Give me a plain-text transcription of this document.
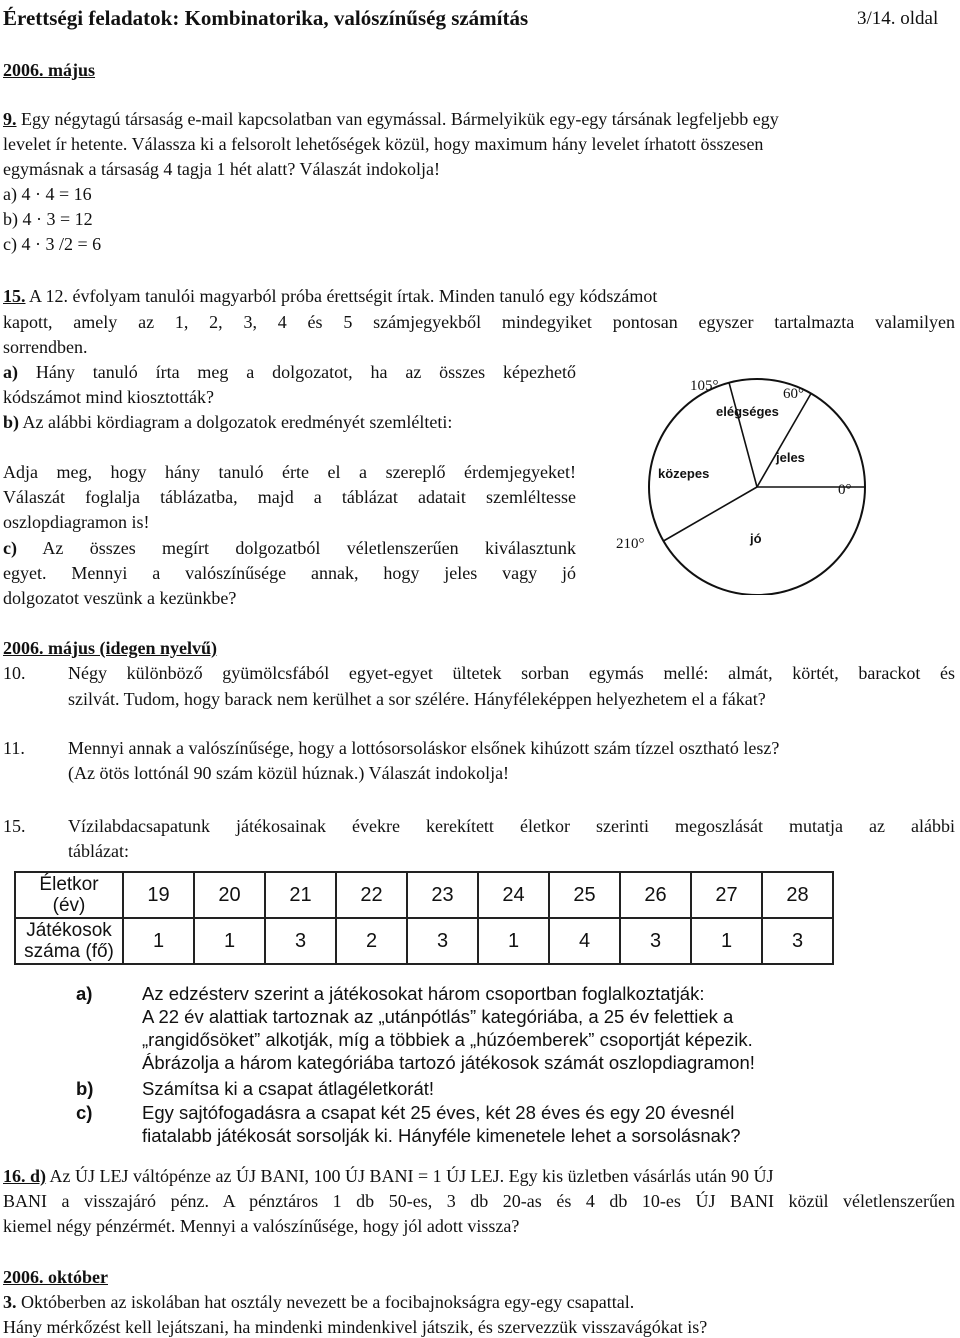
Érettségi feladatok: Kombinatorika, valószínűség számítás	3/14. oldal
2006. május
9. Egy négytagú társaság e-mail kapcsolatban van egymással. Bármelyikük egy-egy társának legfeljebb egy
levelet ír hetente. Válassza ki a felsorolt lehetőségek közül, hogy maximum hány levelet írhatott összesen
egymásnak a társaság 4 tagja 1 hét alatt? Válaszát indokolja!
a) 4 · 4 = 16
b) 4 · 3 = 12
c) 4 · 3 /2 = 6
15. A 12. évfolyam tanulói magyarból próba érettségit írtak. Minden tanuló egy kódszámot
kapott, amely az 1, 2, 3, 4 és 5 számjegyekből mindegyiket pontosan egyszer tartalmazta valamilyen
sorrendben.
a) Hány tanuló írta meg a dolgozatot, ha az összes képezhető
kódszámot mind kiosztották?
b) Az alábbi kördiagram a dolgozatok eredményét szemlélteti:
Adja meg, hogy hány tanuló érte el a szereplő érdemjegyeket!
Válaszát foglalja táblázatba, majd a táblázat adatait szemléltesse
oszlopdiagramon is!
c) Az összes megírt dolgozatból véletlenszerűen kiválasztunk
egyet. Mennyi a valószínűsége annak, hogy jeles vagy jó
dolgozatot veszünk a kezünkbe?
105°	60°
0°
210°
elégséges
jeles
közepes
jó
2006. május (idegen nyelvű)
10. Négy különböző gyümölcsfából egyet-egyet ültetek sorban egymás mellé: almát, körtét, barackot és
szilvát. Tudom, hogy barack nem kerülhet a sor szélére. Hányféleképpen helyezhetem el a fákat?
11. Mennyi annak a valószínűsége, hogy a lottósorsoláskor elsőnek kihúzott szám tízzel osztható lesz?
(Az ötös lottónál 90 szám közül húznak.) Válaszát indokolja!
15. Vízilabdacsapatunk játékosainak évekre kerekített életkor szerinti megoszlását mutatja az alábbi
táblázat:
Életkor
(év)	19	20	21	22	23	24	25	26	27	28

Játékosok
száma (fő)	1	1	3	2	3	1	4	3	1	3
a)	Az edzésterv szerint a játékosokat három csoportban foglalkoztatják:
A 22 év alattiak tartoznak az „utánpótlás” kategóriába, a 25 év felettiek a
„rangidősöket” alkotják, míg a többiek a „húzóemberek” csoportját képezik.
Ábrázolja a három kategóriába tartozó játékosok számát oszlopdiagramon!
b)	Számítsa ki a csapat átlagéletkorát!
c)	Egy sajtófogadásra a csapat két 25 éves, két 28 éves és egy 20 évesnél
fiatalabb játékosát sorsolják ki. Hányféle kimenetele lehet a sorsolásnak?
16. d) Az ÚJ LEJ váltópénze az ÚJ BANI, 100 ÚJ BANI = 1 ÚJ LEJ. Egy kis üzletben vásárlás után 90 ÚJ
BANI a visszajáró pénz. A pénztáros 1 db 50-es, 3 db 20-as és 4 db 10-es ÚJ BANI közül véletlenszerűen
kiemel négy pénzérmét. Mennyi a valószínűsége, hogy jól adott vissza?
2006. október
3. Októberben az iskolában hat osztály nevezett be a focibajnokságra egy-egy csapattal.
Hány mérkőzést kell lejátszani, ha mindenki mindenkivel játszik, és szervezzük visszavágókat is?
